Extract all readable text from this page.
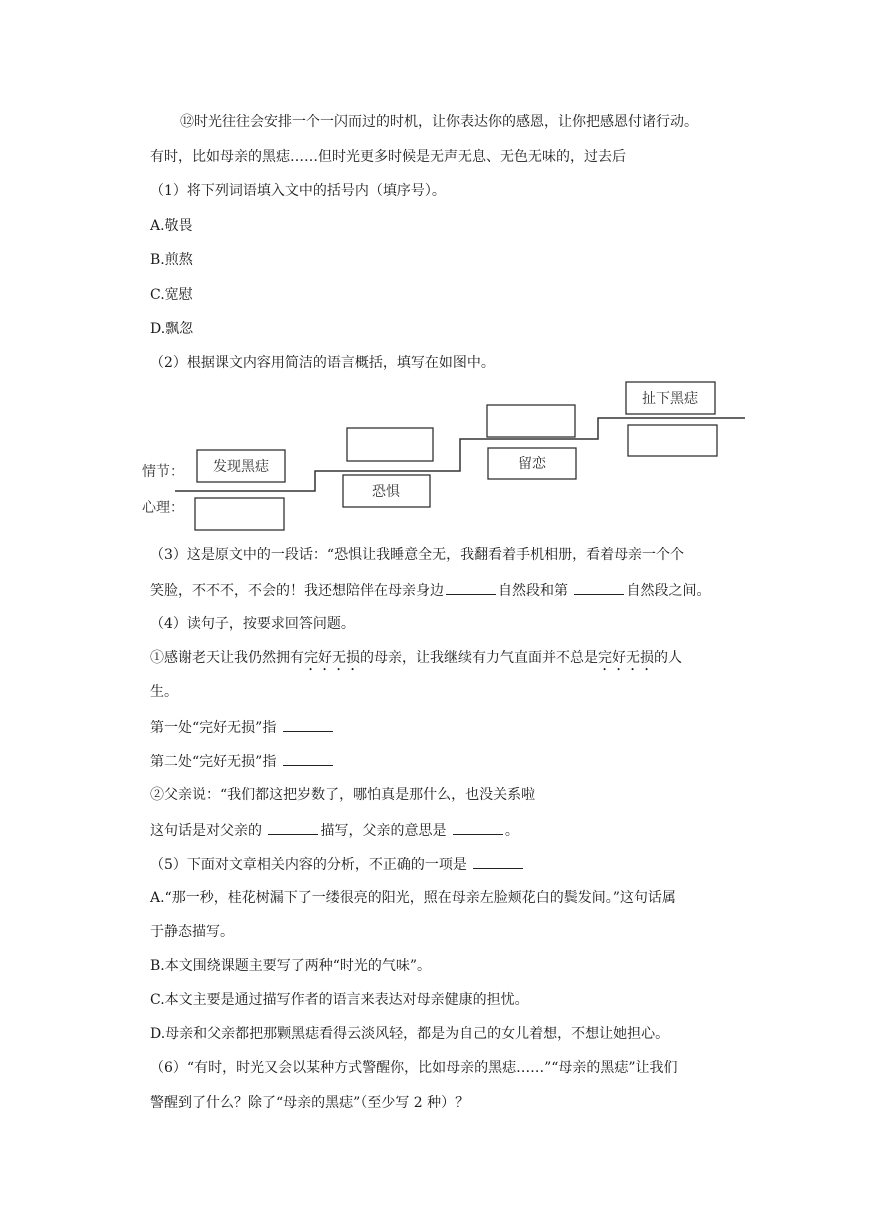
⑫时光往往会安排一个一闪而过的时机，让你表达你的感恩，让你把感恩付诸行动。
有时，比如母亲的黑痣……但时光更多时候是无声无息、无色无味的，过去后
（1）将下列词语填入文中的括号内（填序号）。
A.敬畏
B.煎熬
C.宽慰
D.飘忽
（2）根据课文内容用简洁的语言概括，填写在如图中。
情节：
心理：
发现黑痣
扯下黑痣
恐惧
留恋
（3）这是原文中的一段话：“恐惧让我睡意全无，我翻看着手机相册，看着母亲一个个
笑脸，不不不，不会的！我还想陪伴在母亲身边	自然段和第	自然段之间。
（4）读句子，按要求回答问题。
①感谢老天让我仍然拥有完好无损的母亲，让我继续有力气直面并不总是完好无损的人
生。
第一处“完好无损”指
第二处“完好无损”指
②父亲说：“我们都这把岁数了，哪怕真是那什么，也没关系啦
这句话是对父亲的	描写，父亲的意思是	。
（5）下面对文章相关内容的分析，不正确的一项是
A.“那一秒，桂花树漏下了一缕很亮的阳光，照在母亲左脸颊花白的鬓发间。”这句话属
于静态描写。
B.本文围绕课题主要写了两种“时光的气味”。
C.本文主要是通过描写作者的语言来表达对母亲健康的担忧。
D.母亲和父亲都把那颗黑痣看得云淡风轻，都是为自己的女儿着想，不想让她担心。
（6）“有时，时光又会以某种方式警醒你，比如母亲的黑痣……”“母亲的黑痣”让我们
警醒到了什么？除了“母亲的黑痣”（至少写 2 种）？
